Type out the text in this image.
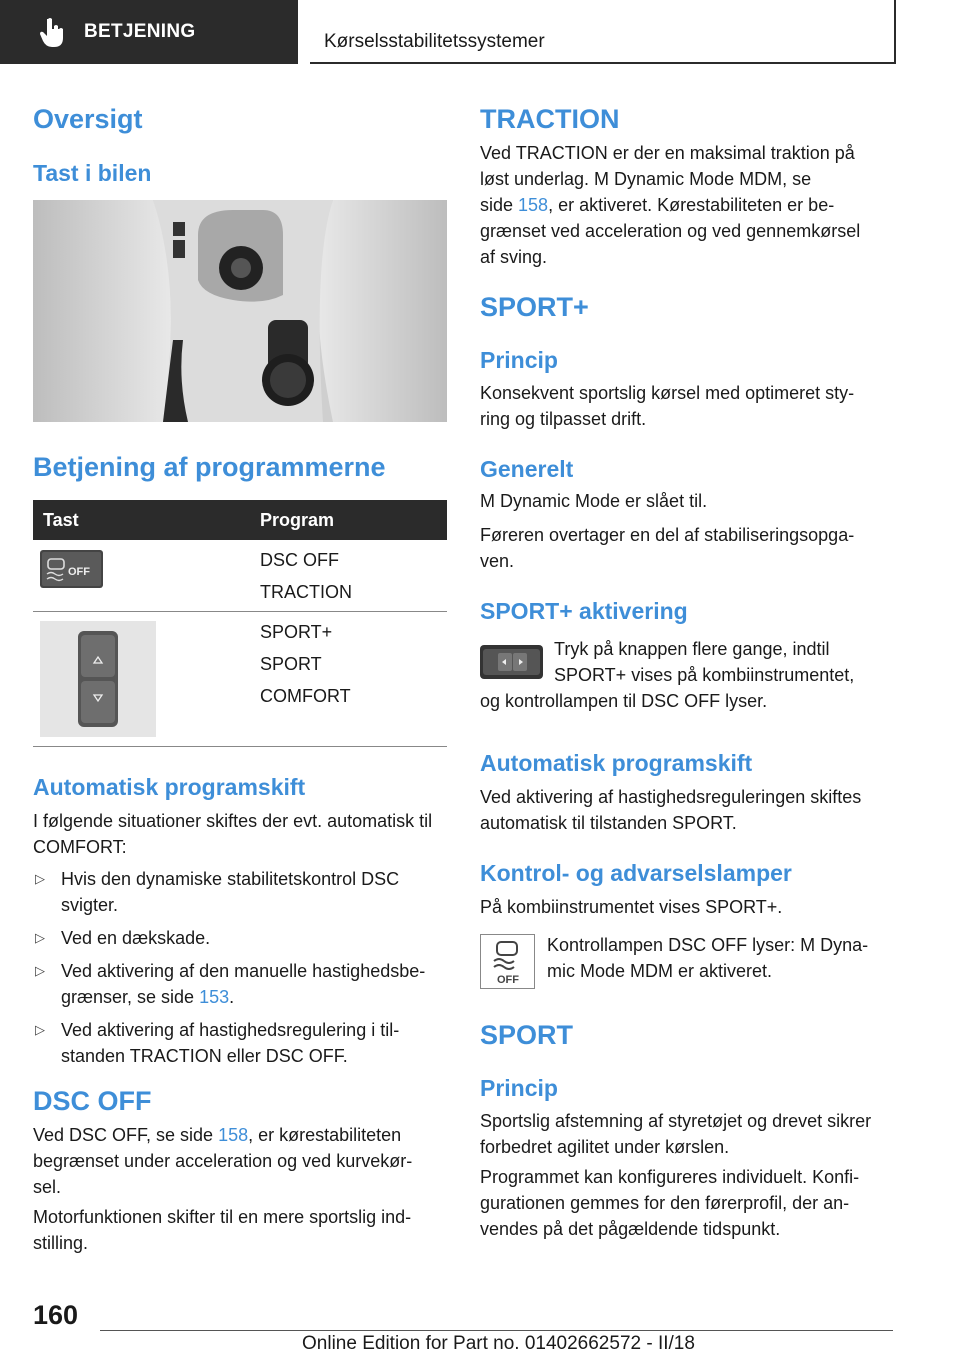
BETJENING	Kørselsstabilitetssystemer
Oversigt
Tast i bilen
Betjening af programmerne
Tast	Program
OFF
DSC OFF
TRACTION
SPORT+
SPORT
COMFORT
Automatisk programskift
I følgende situationer skiftes der evt. automatisk til COMFORT:
▷ Hvis den dynamiske stabilitetskontrol DSC
svigter.
▷ Ved en dækskade.
▷ Ved aktivering af den manuelle hastighedsbe-
grænser, se side 153.
▷ Ved aktivering af hastighedsregulering i til-
standen TRACTION eller DSC OFF.
DSC OFF
Ved DSC OFF, se side 158, er kørestabiliteten
begrænset under acceleration og ved kurvekør-
sel.
Motorfunktionen skifter til en mere sportslig ind-
stilling.
TRACTION
Ved TRACTION er der en maksimal traktion på
løst underlag. M Dynamic Mode MDM, se
side 158, er aktiveret. Kørestabiliteten er be-
grænset ved acceleration og ved gennemkørsel
af sving.
SPORT+
Princip
Konsekvent sportslig kørsel med optimeret sty-
ring og tilpasset drift.
Generelt
M Dynamic Mode er slået til.
Føreren overtager en del af stabiliseringsopga-
ven.
SPORT+ aktivering
Tryk på knappen flere gange, indtil
SPORT+ vises på kombiinstrumentet,
og kontrollampen til DSC OFF lyser.
Automatisk programskift
Ved aktivering af hastighedsreguleringen skiftes
automatisk til tilstanden SPORT.
Kontrol- og advarselslamper
På kombiinstrumentet vises SPORT+.
OFF
Kontrollampen DSC OFF lyser: M Dyna-
mic Mode MDM er aktiveret.
SPORT
Princip
Sportslig afstemning af styretøjet og drevet sikrer
forbedret agilitet under kørslen.
Programmet kan konfigureres individuelt. Konfi-
gurationen gemmes for den førerprofil, der an-
vendes på det pågældende tidspunkt.
160
Online Edition for Part no. 01402662572 - II/18
